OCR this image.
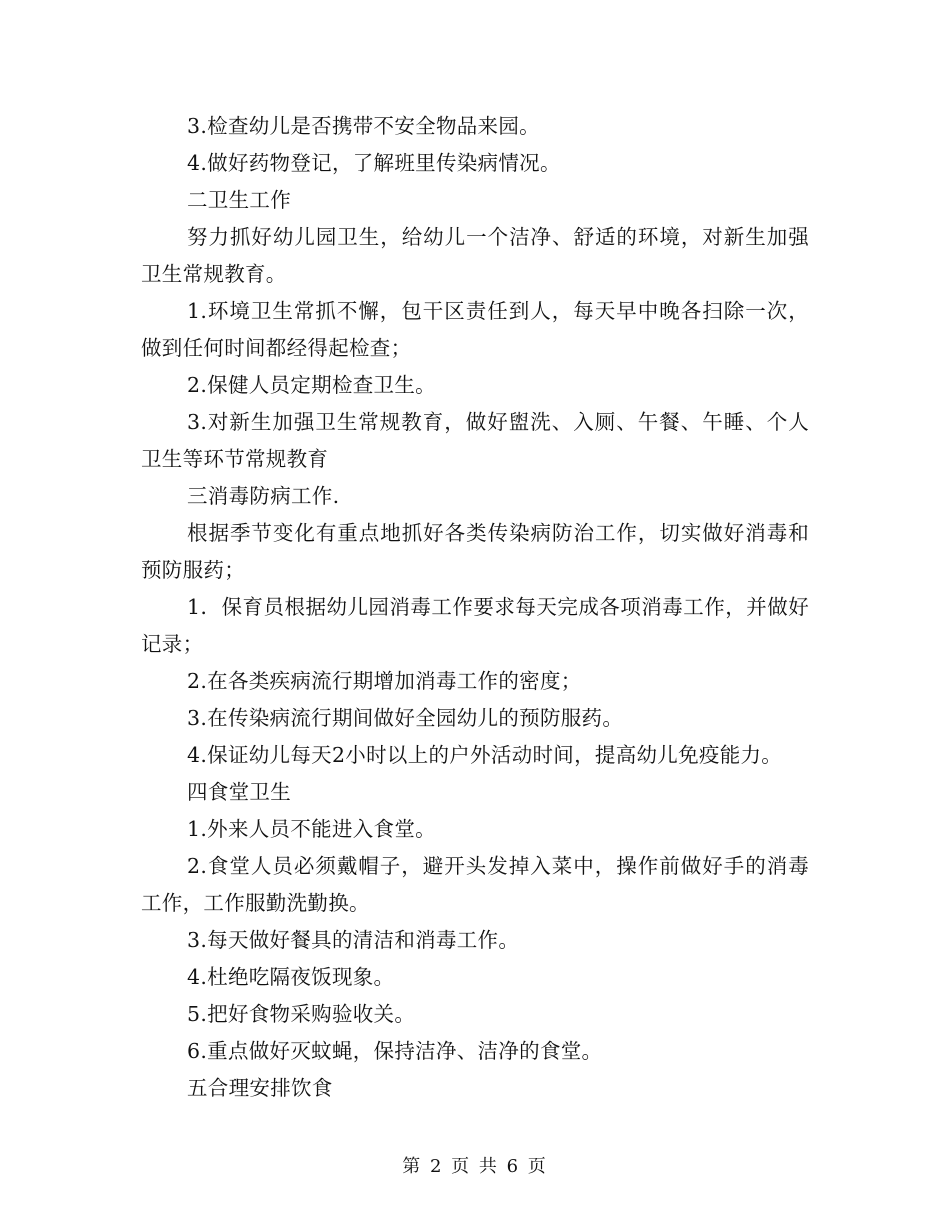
3.检查幼儿是否携带不安全物品来园。

4.做好药物登记，了解班里传染病情况。

二卫生工作

努力抓好幼儿园卫生，给幼儿一个洁净、舒适的环境，对新生加强卫生常规教育。

1.环境卫生常抓不懈，包干区责任到人，每天早中晚各扫除一次，做到任何时间都经得起检查；

2.保健人员定期检查卫生。

3.对新生加强卫生常规教育，做好盥洗、入厕、午餐、午睡、个人卫生等环节常规教育

三消毒防病工作.

根据季节变化有重点地抓好各类传染病防治工作，切实做好消毒和预防服药；

1．保育员根据幼儿园消毒工作要求每天完成各项消毒工作，并做好记录；

2.在各类疾病流行期增加消毒工作的密度；

3.在传染病流行期间做好全园幼儿的预防服药。

4.保证幼儿每天2小时以上的户外活动时间，提高幼儿免疫能力。

四食堂卫生

1.外来人员不能进入食堂。

2.食堂人员必须戴帽子，避开头发掉入菜中，操作前做好手的消毒工作，工作服勤洗勤换。

3.每天做好餐具的清洁和消毒工作。

4.杜绝吃隔夜饭现象。

5.把好食物采购验收关。

6.重点做好灭蚊蝇，保持洁净、洁净的食堂。

五合理安排饮食

第 2 页 共 6 页
